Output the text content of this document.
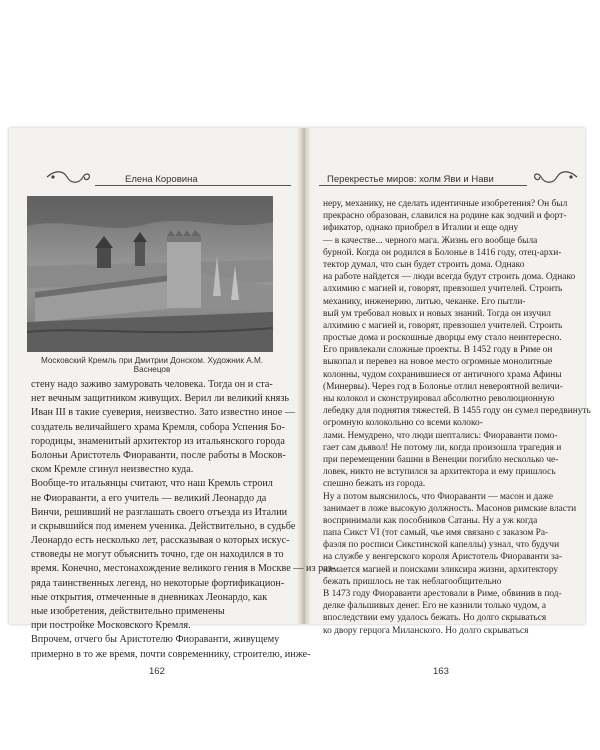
Елена Коровина
Московский Кремль при Дмитрии Донском. Художник А.М. Васнецов
стену надо заживо замуровать человека. Тогда он и ста-
нет вечным защитником живущих. Верил ли великий князь
Иван III в такие суеверия, неизвестно. Зато известно иное —
создатель величайшего храма Кремля, собора Успения Бо-
городицы, знаменитый архитектор из итальянского города
Болоньи Аристотель Фиораванти, после работы в Москов-
ском Кремле сгинул неизвестно куда.
Вообще-то итальянцы считают, что наш Кремль строил
не Фиораванти, а его учитель — великий Леонардо да
Винчи, решивший не разглашать своего отъезда из Италии
и скрывшийся под именем ученика. Действительно, в судьбе
Леонардо есть несколько лет, рассказывая о которых искус-
ствоведы не могут объяснить точно, где он находился в то
время. Конечно, местонахождение великого гения в Москве — из раз-
ряда таинственных легенд, но некоторые фортификацион-
ные открытия, отмеченные в дневниках Леонардо, как
ные изобретения, действительно применены
при постройке Московского Кремля.
Впрочем, отчего бы Аристотелю Фиораванти, живущему
примерно в то же время, почти современнику, строителю, инже-
162
Перекрестье миров: холм Яви и Нави
неру, механику, не сделать идентичные изобретения? Он был
прекрасно образован, славился на родине как зодчий и форт-
ификатор, однако приобрел в Италии и еще одну
— в качестве... черного мага. Жизнь его вообще была
бурной. Когда он родился в Болонье в 1416 году, отец-архи-
тектор думал, что сын будет строить дома. Однако
на работе найдется — люди всегда будут строить дома. Однако
алхимию с магией и, говорят, превзошел учителей. Строить
механику, инженерию, литью, чеканке. Его пытли-
вый ум требовал новых и новых знаний. Тогда он изучил
алхимию с магией и, говорят, превзошел учителей. Строить
простые дома и роскошные дворцы ему стало неинтересно.
Его привлекали сложные проекты. В 1452 году в Риме он
выкопал и перевез на новое место огромные монолитные
колонны, чудом сохранившиеся от античного храма Афины
(Минервы). Через год в Болонье отлил невероятной величи-
ны колокол и сконструировал абсолютно революционную
лебедку для поднятия тяжестей. В 1455 году он сумел передвинуть
огромную колокольню со всеми колоко-
лами. Немудрено, что люди шептались: Фиораванти помо-
гает сам дьявол! Не потому ли, когда произошла трагедия и
при перемещении башни в Венеции погибло несколько че-
ловек, никто не вступился за архитектора и ему пришлось
спешно бежать из города.
Ну а потом выяснилось, что Фиораванти — масон и даже
занимает в ложе высокую должность. Масонов римские власти
воспринимали как пособников Сатаны. Ну а уж когда
папа Сикст VI (тот самый, чье имя связано с заказом Ра-
фаэля по росписи Сикстинской капеллы) узнал, что будучи
на службе у венгерского короля Аристотель Фиораванти за-
нимается магией и поисками эликсира жизни, архитектору
бежать пришлось не так неблагообщительно
В 1473 году Фиораванти арестовали в Риме, обвинив в под-
делке фальшивых денег. Его не казнили только чудом, а
впоследствии ему удалось бежать. Но долго скрываться
ко двору герцога Миланского. Но долго скрываться
163
